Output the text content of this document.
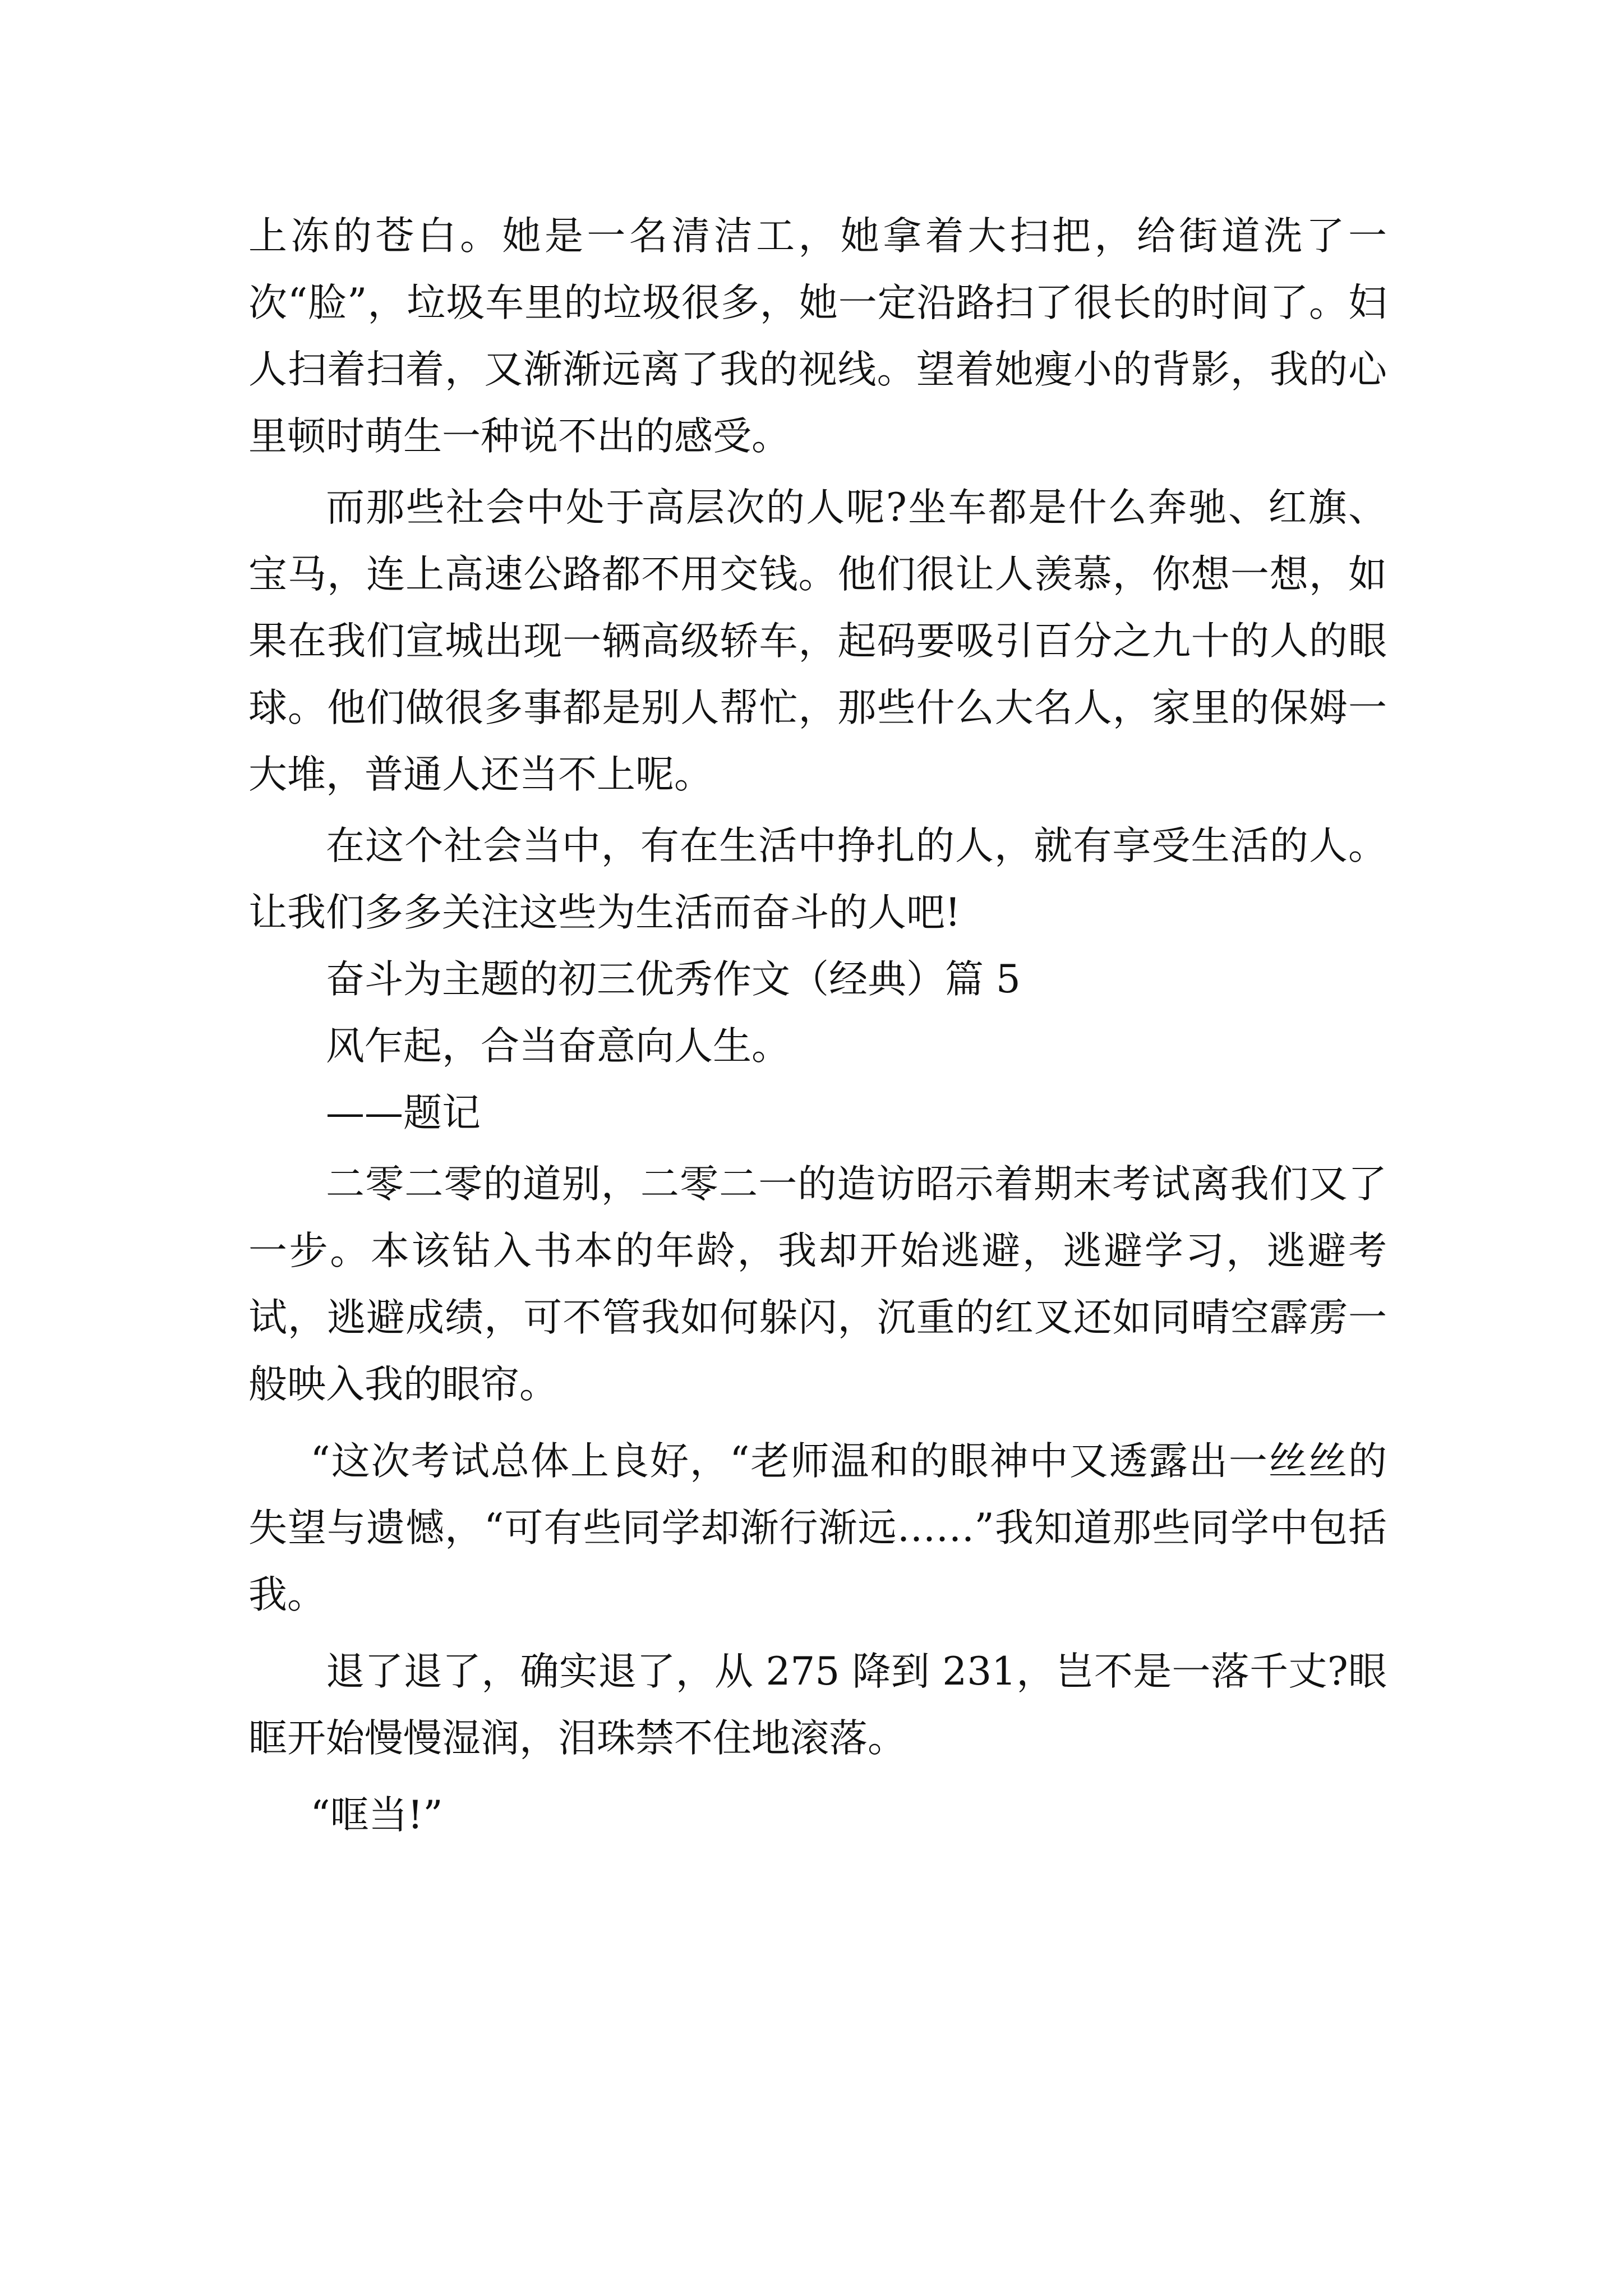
上冻的苍白。她是一名清洁工，她拿着大扫把，给街道洗了一次“脸”，垃圾车里的垃圾很多，她一定沿路扫了很长的时间了。妇人扫着扫着，又渐渐远离了我的视线。望着她瘦小的背影，我的心里顿时萌生一种说不出的感受。

而那些社会中处于高层次的人呢?坐车都是什么奔驰、红旗、宝马，连上高速公路都不用交钱。他们很让人羡慕，你想一想，如果在我们宣城出现一辆高级轿车，起码要吸引百分之九十的人的眼球。他们做很多事都是别人帮忙，那些什么大名人，家里的保姆一大堆，普通人还当不上呢。

在这个社会当中，有在生活中挣扎的人，就有享受生活的人。让我们多多关注这些为生活而奋斗的人吧!

奋斗为主题的初三优秀作文（经典）篇 5

风乍起，合当奋意向人生。

——题记

二零二零的道别，二零二一的造访昭示着期末考试离我们又了一步。本该钻入书本的年龄，我却开始逃避，逃避学习，逃避考试，逃避成绩，可不管我如何躲闪，沉重的红叉还如同晴空霹雳一般映入我的眼帘。

“这次考试总体上良好，“老师温和的眼神中又透露出一丝丝的失望与遗憾，“可有些同学却渐行渐远……”我知道那些同学中包括我。

退了退了，确实退了，从 275 降到 231，岂不是一落千丈?眼眶开始慢慢湿润，泪珠禁不住地滚落。

“哐当!”
